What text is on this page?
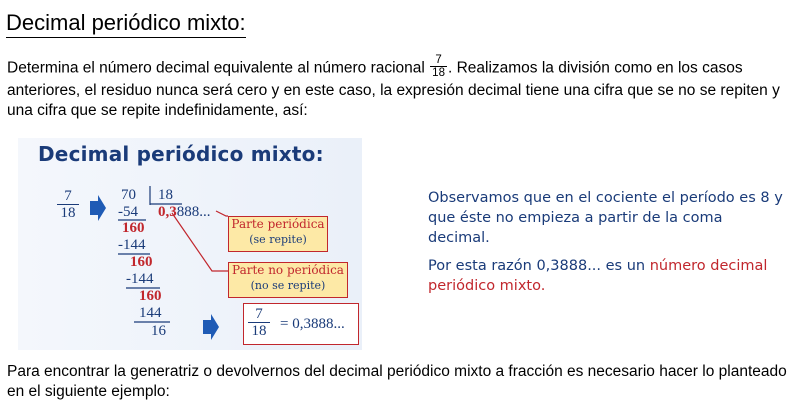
Decimal periódico mixto:

Determina el número decimal equivalente al número racional $\frac{7}{18}$ . Realizamos la división como en los casos anteriores, el residuo nunca será cero y en este caso, la expresión decimal tiene una cifra que se no se repiten y una cifra que se repite indefinidamente, así:

Decimal periódico mixto:
$\frac{7}{18}$	70 18
-54 0,3888...
160
-144
160
-144
160
144
16
Parte periódica
(se repite)
Parte no periódica
(no se repite)
$\frac{7}{18} = 0,3888$...

Observamos que en el cociente el período es 8 y que éste no empieza a partir de la coma decimal.

Por esta razón 0,3888... es un número decimal periódico mixto.

Para encontrar la generatriz o devolvernos del decimal periódico mixto a fracción es necesario hacer lo planteado en el siguiente ejemplo:
